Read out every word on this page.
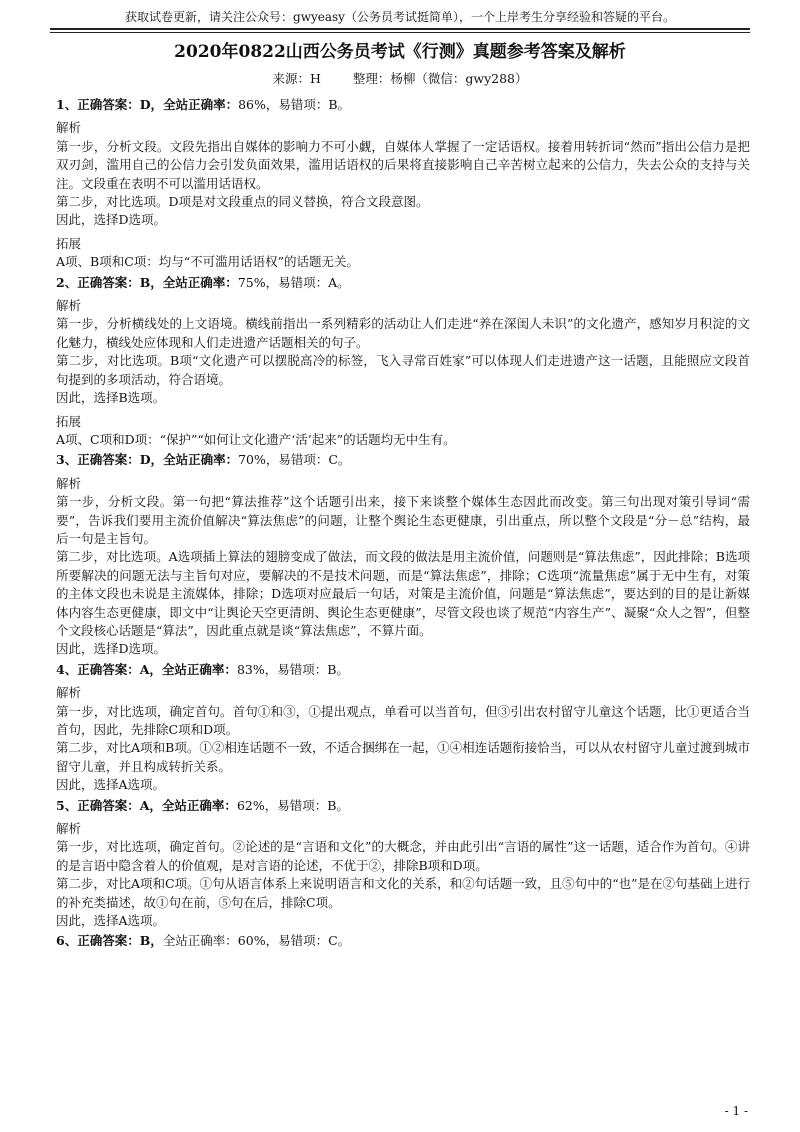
获取试卷更新，请关注公众号：gwyeasy（公务员考试挺简单），一个上岸考生分享经验和答疑的平台。
2020年0822山西公务员考试《行测》真题参考答案及解析
来源：H	整理：杨柳（微信：gwy288）
1、正确答案：D，全站正确率：86%，易错项：B。
解析
第一步，分析文段。文段先指出自媒体的影响力不可小觑，自媒体人掌握了一定话语权。接着用转折词“然而”指出公信力是把双刃剑，滥用自己的公信力会引发负面效果，滥用话语权的后果将直接影响自己辛苦树立起来的公信力，失去公众的支持与关注。文段重在表明不可以滥用话语权。
第二步，对比选项。D项是对文段重点的同义替换，符合文段意图。
因此，选择D选项。
拓展
A项、B项和C项：均与“不可滥用话语权”的话题无关。
2、正确答案：B，全站正确率：75%，易错项：A。
解析
第一步，分析横线处的上文语境。横线前指出一系列精彩的活动让人们走进“养在深闺人未识”的文化遗产，感知岁月积淀的文化魅力，横线处应体现和人们走进遗产话题相关的句子。
第二步，对比选项。B项“文化遗产可以摆脱高冷的标签，飞入寻常百姓家”可以体现人们走进遗产这一话题，且能照应文段首句提到的多项活动，符合语境。
因此，选择B选项。
拓展
A项、C项和D项：“保护”“如何让文化遗产‘活’起来”的话题均无中生有。
3、正确答案：D，全站正确率：70%，易错项：C。
解析
第一步，分析文段。第一句把“算法推荐”这个话题引出来，接下来谈整个媒体生态因此而改变。第三句出现对策引导词“需要”，告诉我们要用主流价值解决“算法焦虑”的问题，让整个舆论生态更健康，引出重点，所以整个文段是“分－总”结构，最后一句是主旨句。
第二步，对比选项。A选项插上算法的翅膀变成了做法，而文段的做法是用主流价值，问题则是“算法焦虑”，因此排除；B选项所要解决的问题无法与主旨句对应，要解决的不是技术问题，而是“算法焦虑”，排除；C选项“流量焦虑”属于无中生有，对策的主体文段也未说是主流媒体，排除；D选项对应最后一句话，对策是主流价值，问题是“算法焦虑”，要达到的目的是让新媒体内容生态更健康，即文中“让舆论天空更清朗、舆论生态更健康”，尽管文段也谈了规范“内容生产”、凝聚“众人之智”，但整个文段核心话题是“算法”，因此重点就是谈“算法焦虑”，不算片面。
因此，选择D选项。
4、正确答案：A，全站正确率：83%，易错项：B。
解析
第一步，对比选项，确定首句。首句①和③，①提出观点，单看可以当首句，但③引出农村留守儿童这个话题，比①更适合当首句，因此，先排除C项和D项。
第二步，对比A项和B项。①②相连话题不一致，不适合捆绑在一起，①④相连话题衔接恰当，可以从农村留守儿童过渡到城市留守儿童，并且构成转折关系。
因此，选择A选项。
5、正确答案：A，全站正确率：62%，易错项：B。
解析
第一步，对比选项，确定首句。②论述的是“言语和文化”的大概念，并由此引出“言语的属性”这一话题，适合作为首句。④讲的是言语中隐含着人的价值观，是对言语的论述，不优于②，排除B项和D项。
第二步，对比A项和C项。①句从语言体系上来说明语言和文化的关系，和②句话题一致，且⑤句中的“也”是在②句基础上进行的补充类描述，故①句在前，⑤句在后，排除C项。
因此，选择A选项。
6、正确答案：B，全站正确率：60%，易错项：C。
- 1 -
